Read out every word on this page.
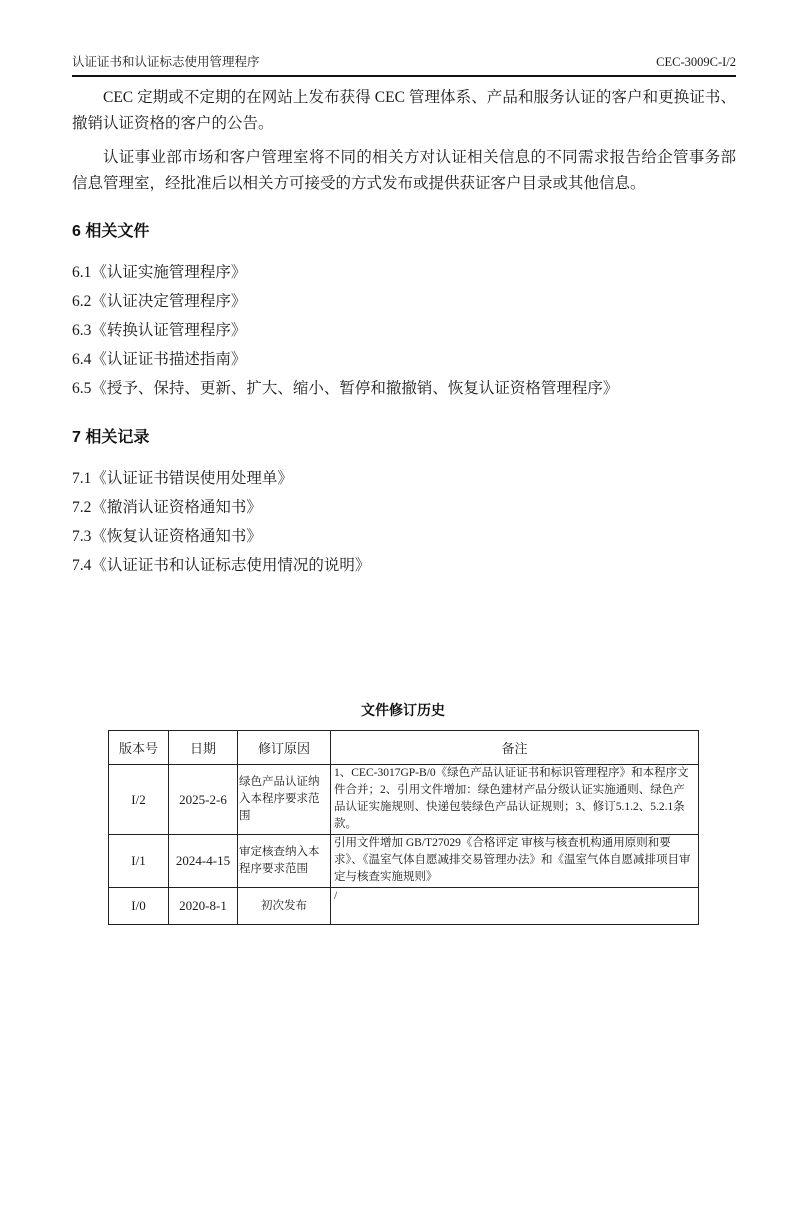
认证证书和认证标志使用管理程序	CEC-3009C-I/2

CEC 定期或不定期的在网站上发布获得 CEC 管理体系、产品和服务认证的客户和更换证书、撤销认证资格的客户的公告。

认证事业部市场和客户管理室将不同的相关方对认证相关信息的不同需求报告给企管事务部信息管理室，经批准后以相关方可接受的方式发布或提供获证客户目录或其他信息。

6 相关文件

6.1《认证实施管理程序》

6.2《认证决定管理程序》

6.3《转换认证管理程序》

6.4《认证证书描述指南》

6.5《授予、保持、更新、扩大、缩小、暂停和撤撤销、恢复认证资格管理程序》

7 相关记录

7.1《认证证书错误使用处理单》

7.2《撤消认证资格通知书》

7.3《恢复认证资格通知书》

7.4《认证证书和认证标志使用情况的说明》

文件修订历史
版本号	日期	修订原因	备注
I/2	2025-2-6	绿色产品认证纳入本程序要求范围	1、CEC-3017GP-B/0《绿色产品认证证书和标识管理程序》和本程序文件合并；2、引用文件增加：绿色建材产品分级认证实施通则、绿色产品认证实施规则、快递包装绿色产品认证规则；3、修订5.1.2、5.2.1条款。
I/1	2024-4-15	审定核查纳入本程序要求范围	引用文件增加 GB/T27029《合格评定 审核与核查机构通用原则和要求》、《温室气体自愿减排交易管理办法》和《温室气体自愿减排项目审定与核查实施规则》
I/0	2020-8-1	初次发布	/
